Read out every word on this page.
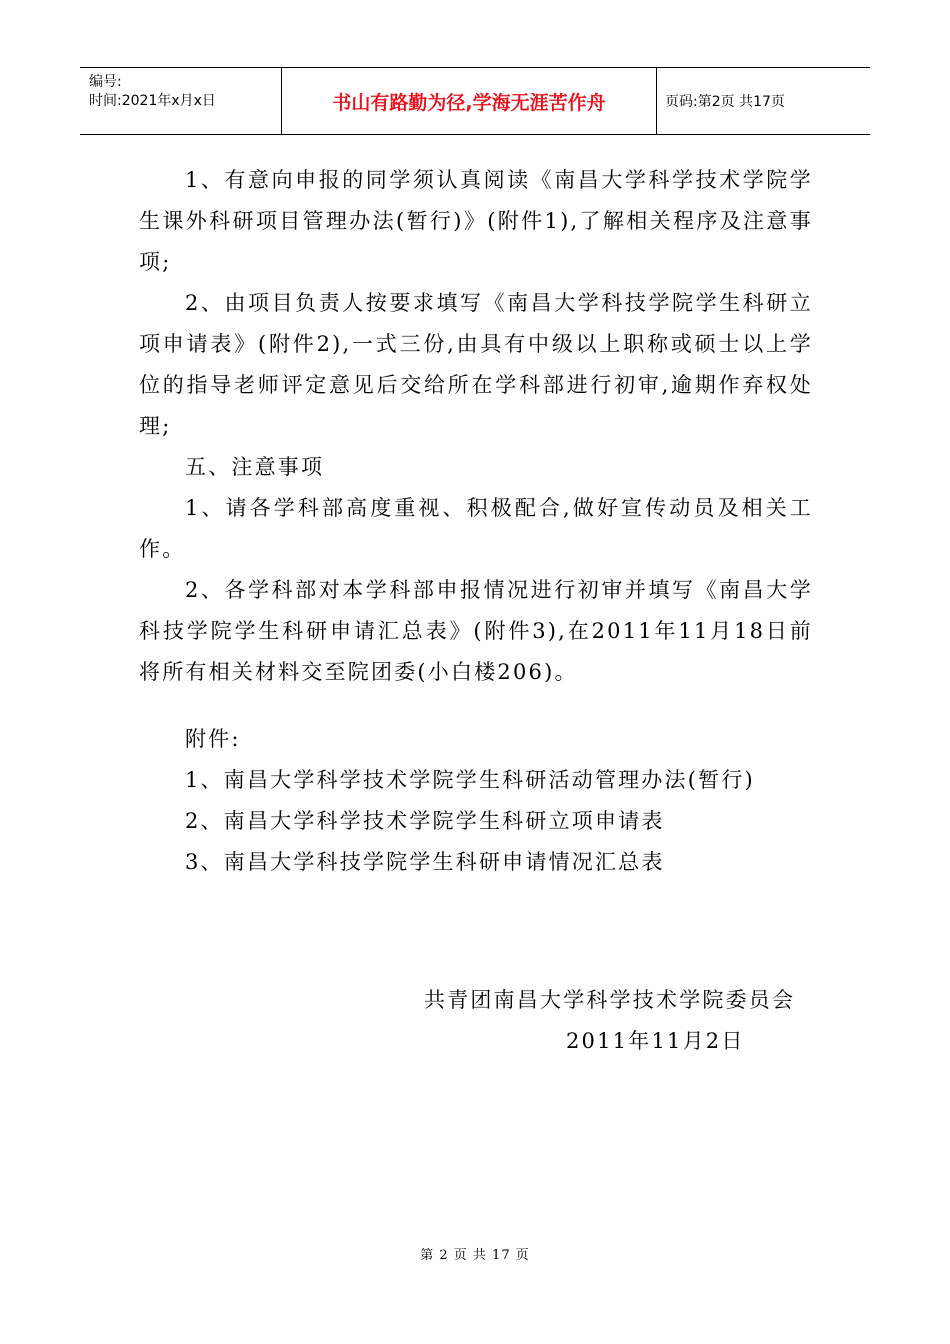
编号:
时间:2021年x月x日	书山有路勤为径,学海无涯苦作舟	页码:第2页 共17页

1、有意向申报的同学须认真阅读《南昌大学科学技术学院学生课外科研项目管理办法(暂行)》(附件1),了解相关程序及注意事项;

2、由项目负责人按要求填写《南昌大学科技学院学生科研立项申请表》(附件2),一式三份,由具有中级以上职称或硕士以上学位的指导老师评定意见后交给所在学科部进行初审,逾期作弃权处理;

五、注意事项

1、请各学科部高度重视、积极配合,做好宣传动员及相关工作。

2、各学科部对本学科部申报情况进行初审并填写《南昌大学科技学院学生科研申请汇总表》(附件3),在2011年11月18日前将所有相关材料交至院团委(小白楼206)。

附件:

1、南昌大学科学技术学院学生科研活动管理办法(暂行)

2、南昌大学科学技术学院学生科研立项申请表

3、南昌大学科技学院学生科研申请情况汇总表

共青团南昌大学科学技术学院委员会
2011年11月2日
第 2 页 共 17 页
